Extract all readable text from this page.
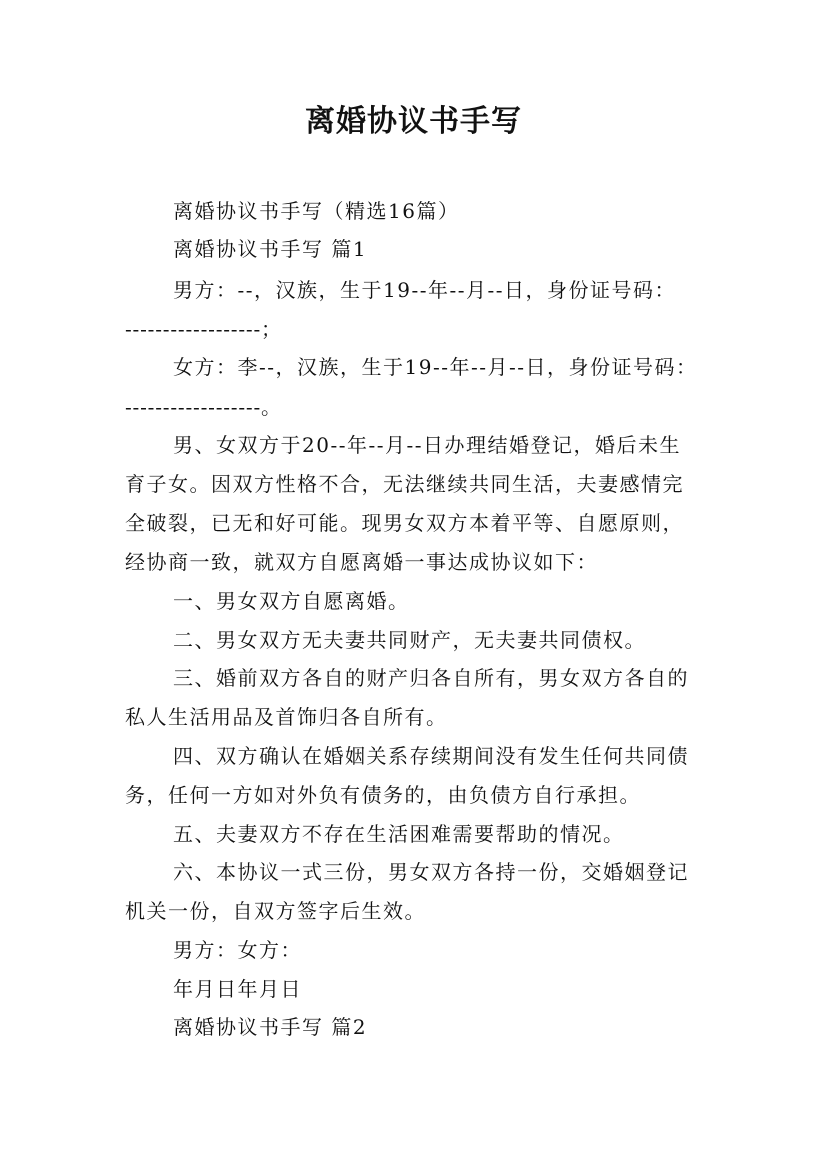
离婚协议书手写
离婚协议书手写（精选16篇）
离婚协议书手写 篇1
男方：--，汉族，生于19--年--月--日，身份证号码：
------------------；
女方：李--，汉族，生于19--年--月--日，身份证号码：
------------------。
男、女双方于20--年--月--日办理结婚登记，婚后未生
育子女。因双方性格不合，无法继续共同生活，夫妻感情完
全破裂，已无和好可能。现男女双方本着平等、自愿原则，
经协商一致，就双方自愿离婚一事达成协议如下：
一、男女双方自愿离婚。
二、男女双方无夫妻共同财产，无夫妻共同债权。
三、婚前双方各自的财产归各自所有，男女双方各自的
私人生活用品及首饰归各自所有。
四、双方确认在婚姻关系存续期间没有发生任何共同债
务，任何一方如对外负有债务的，由负债方自行承担。
五、夫妻双方不存在生活困难需要帮助的情况。
六、本协议一式三份，男女双方各持一份，交婚姻登记
机关一份，自双方签字后生效。
男方：女方：
年月日年月日
离婚协议书手写 篇2
